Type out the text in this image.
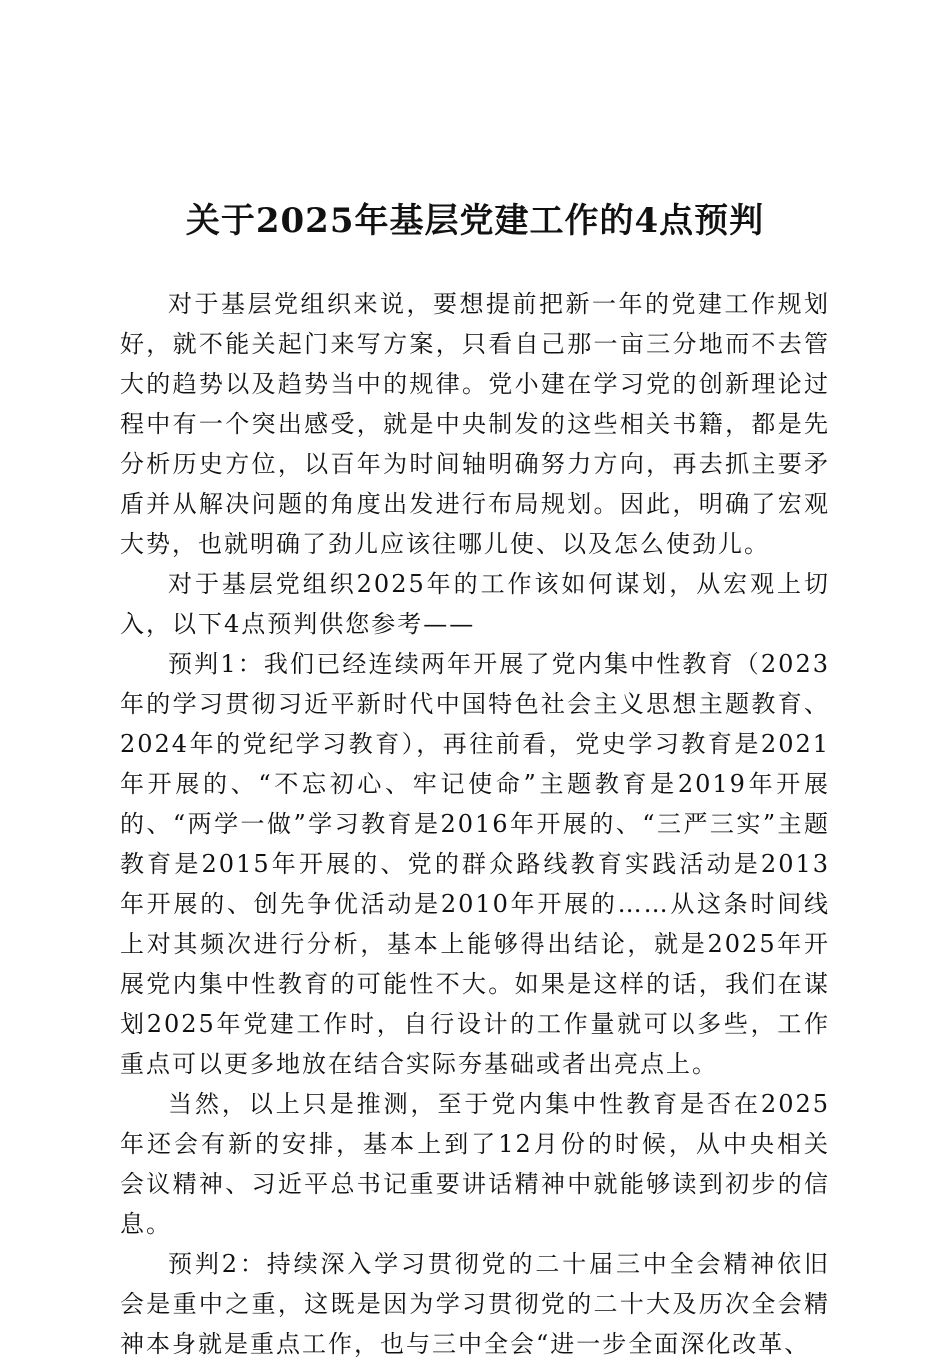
关于2025年基层党建工作的4点预判

对于基层党组织来说，要想提前把新一年的党建工作规划好，就不能关起门来写方案，只看自己那一亩三分地而不去管大的趋势以及趋势当中的规律。党小建在学习党的创新理论过程中有一个突出感受，就是中央制发的这些相关书籍，都是先分析历史方位，以百年为时间轴明确努力方向，再去抓主要矛盾并从解决问题的角度出发进行布局规划。因此，明确了宏观大势，也就明确了劲儿应该往哪儿使、以及怎么使劲儿。

对于基层党组织2025年的工作该如何谋划，从宏观上切入，以下4点预判供您参考——

预判1：我们已经连续两年开展了党内集中性教育（2023年的学习贯彻习近平新时代中国特色社会主义思想主题教育、2024年的党纪学习教育），再往前看，党史学习教育是2021年开展的、“不忘初心、牢记使命”主题教育是2019年开展的、“两学一做”学习教育是2016年开展的、“三严三实”主题教育是2015年开展的、党的群众路线教育实践活动是2013年开展的、创先争优活动是2010年开展的……从这条时间线上对其频次进行分析，基本上能够得出结论，就是2025年开展党内集中性教育的可能性不大。如果是这样的话，我们在谋划2025年党建工作时，自行设计的工作量就可以多些，工作重点可以更多地放在结合实际夯基础或者出亮点上。

当然，以上只是推测，至于党内集中性教育是否在2025年还会有新的安排，基本上到了12月份的时候，从中央相关会议精神、习近平总书记重要讲话精神中就能够读到初步的信息。

预判2：持续深入学习贯彻党的二十届三中全会精神依旧会是重中之重，这既是因为学习贯彻党的二十大及历次全会精神本身就是重点工作，也与三中全会“进一步全面深化改革、
